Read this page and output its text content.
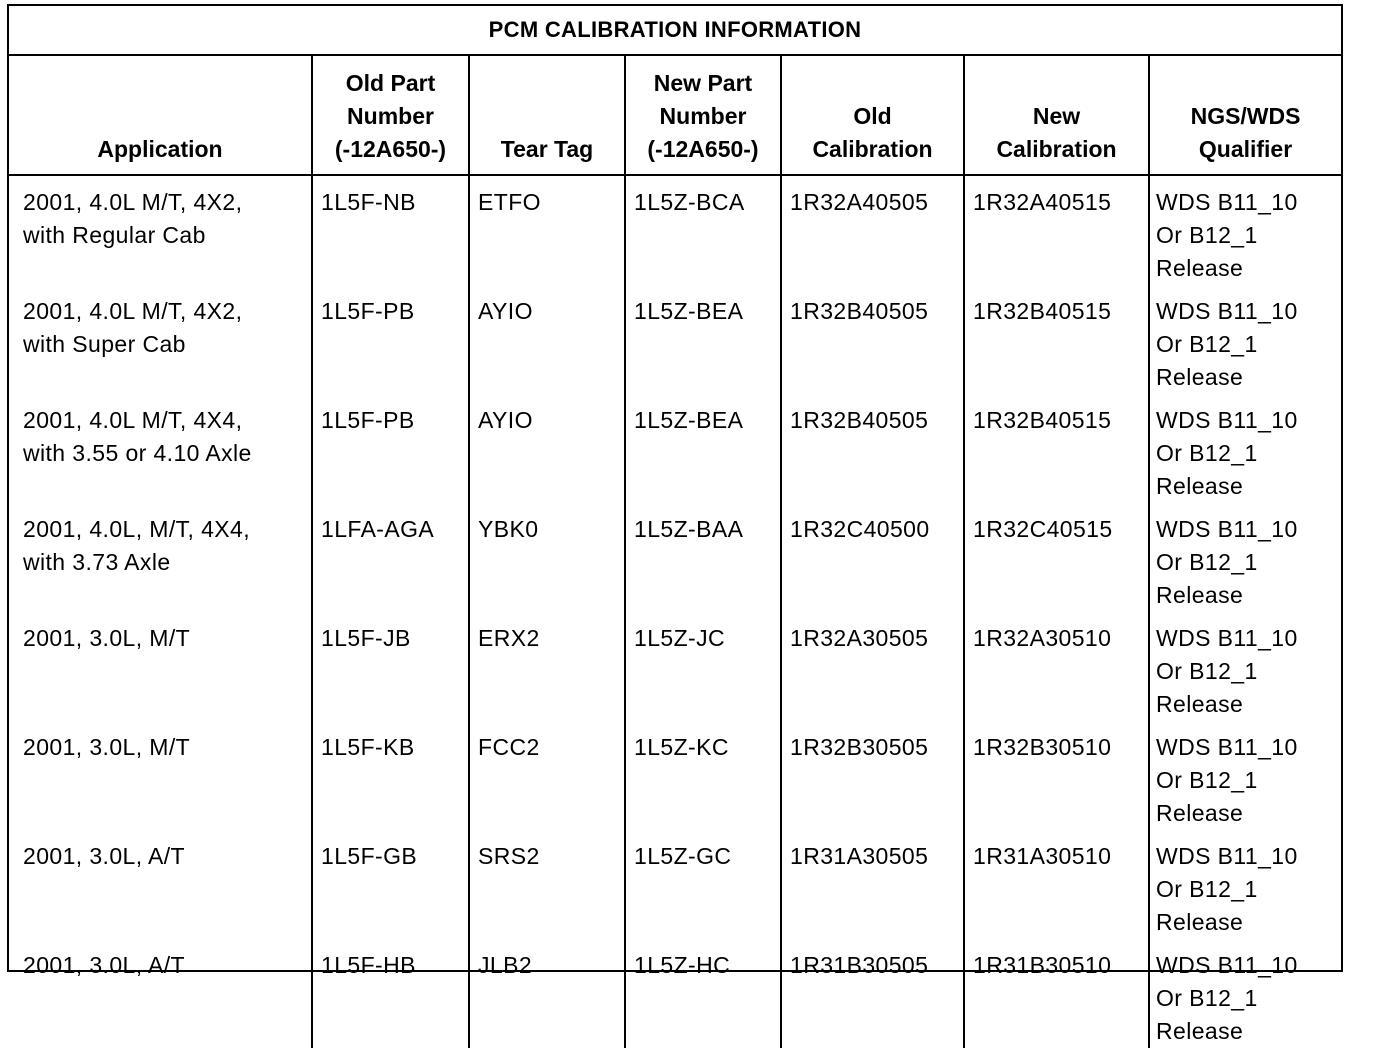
PCM CALIBRATION INFORMATION						
Application	Old Part
Number
(-12A650-)	Tear Tag	New Part
Number
(-12A650-)	Old
Calibration	New
Calibration	NGS/WDS
Qualifier
2001, 4.0L M/T, 4X2,
with Regular Cab	1L5F-NB	ETFO	1L5Z-BCA	1R32A40505	1R32A40515	WDS B11_10
Or B12_1
Release
2001, 4.0L M/T, 4X2,
with Super Cab	1L5F-PB	AYIO	1L5Z-BEA	1R32B40505	1R32B40515	WDS B11_10
Or B12_1
Release
2001, 4.0L M/T, 4X4,
with 3.55 or 4.10 Axle	1L5F-PB	AYIO	1L5Z-BEA	1R32B40505	1R32B40515	WDS B11_10
Or B12_1
Release
2001, 4.0L, M/T, 4X4,
with 3.73 Axle	1LFA-AGA	YBK0	1L5Z-BAA	1R32C40500	1R32C40515	WDS B11_10
Or B12_1
Release
2001, 3.0L, M/T	1L5F-JB	ERX2	1L5Z-JC	1R32A30505	1R32A30510	WDS B11_10
Or B12_1
Release
2001, 3.0L, M/T	1L5F-KB	FCC2	1L5Z-KC	1R32B30505	1R32B30510	WDS B11_10
Or B12_1
Release
2001, 3.0L, A/T	1L5F-GB	SRS2	1L5Z-GC	1R31A30505	1R31A30510	WDS B11_10
Or B12_1
Release
2001, 3.0L, A/T	1L5F-HB	JLB2	1L5Z-HC	1R31B30505	1R31B30510	WDS B11_10
Or B12_1
Release
